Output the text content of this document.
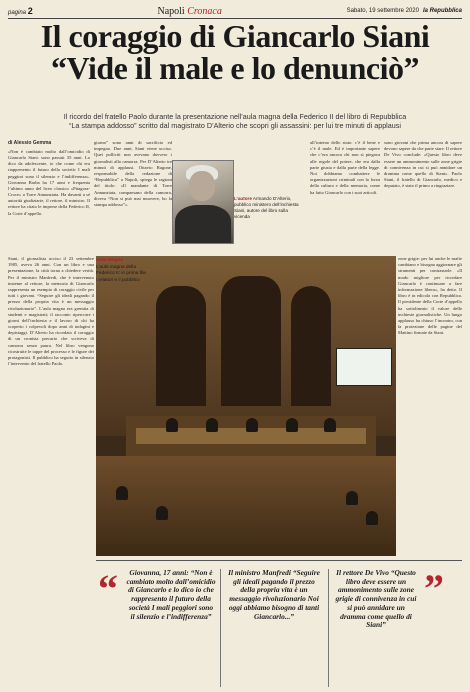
pagina 2	Napoli Cronaca	Sabato, 19 settembre 2020 la Repubblica
Il coraggio di Giancarlo Siani
“Vide il male e lo denunciò”
Il ricordo del fratello Paolo durante la presentazione nell’aula magna della Federico II del libro di Repubblica
“La stampa addosso” scritto dal magistrato D’Alterio che scopri gli assassini: per lui tre minuti di applausi
di Alessio Gemma

«Non è cambiato molto dall’omicidio di Giancarlo Siani. sono passati 35 anni. Lo dico da adolescente, io che come chi era riappresento il futuro della società: I mali peggiori sono il silenzio e l’indifferenza». Giovanna Barba ha 17 anni e frequenta l’ultimo anno del liceo classico «Pitagora-Croce» a Torre Annunziata. Ha davanti a sé autorità giudiziarie, il rettore, il ministro. Il rettore ha citato le imprese della Federico II, la Corte d’appello.

giorno” sono anni di sacrificio ed impegno. Due anni, Siani viene ucciso. Quei polliciti non avevano davvero i giornalisti alla camorra. Per D’Alterio tre minuti di applausi. Ottavio Ragone, responsabile della redazione di “Repubblica” a Napoli, spiega le ragioni del titolo: «Il mandante di Torre Annunziata, compaesano della camorra, diceva “Non si può mai muovere, ho la stampa addosso”».

all’interno dello stato: c’è il bene e c’è il male. Ed è importante sapere che c’era ancora chi non si piegava alle regole del potere, che era dalla parte giusta e dalla parte della legge. Noi dobbiamo combattere le organizzazioni criminali con la forza della cultura e della memoria, come ha fatto Giancarlo con i suoi articoli.

sono giovani che prima ancora di sapere devono sapere da che parte stare. Il rettore De Vivo conclude: «Questo libro deve essere un ammonimento sulle zone grigie di connivenza in cui si può annidare un dramma come quello di Siani». Paolo Siani, il fratello di Giancarlo, medico e deputato, è stato il primo a ringraziare.

L’autore Armando D’Alterio, pubblico ministero dell’inchiesta Siani, autore del libro sulla vicenda

Siani, il giornalista ucciso il 23 settembre 1985, aveva 26 anni. Con un libro e una presentazione, la città torna a chiedere verità. Per il ministro Manfredi, che è intervenuto insieme al rettore, la memoria di Giancarlo rappresenta un esempio di coraggio civile per tutti i giovani. “Seguire gli ideali pagando il prezzo della propria vita è un messaggio rivoluzionario”. L’aula magna era gremita di studenti e magistrati; il racconto ripercorre i giorni dell’inchiesta e il lavoro di chi ha scoperto i colpevoli dopo anni di indagini e depistaggi. D’Alterio ha ricordato il coraggio di un cronista precario che scriveva di camorra senza paura. Nel libro vengono ricostruite le tappe del processo e le figure dei protagonisti. Il pubblico ha seguito in silenzio l’intervento del fratello Paolo.

Aula Magna
L’aula magna della Federico II: in prima fila i relatori e il pubblico

zone grigie: per lui anche le mafie cambiano e bisogna aggiornare gli strumenti per contrastarle. «Il modo migliore per ricordare Giancarlo è continuare a fare informazione libera», ha detto. Il libro è in edicola con Repubblica. Il presidente della Corte d’appello ha sottolineato il valore delle inchieste giornalistiche. Un lungo applauso ha chiuso l’incontro, con la proiezione delle pagine del Mattino firmate da Siani.

“	Giovanna, 17 anni: “Non è cambiato molto dall’omicidio di Giancarlo e lo dico io che rappresento il futuro della società I mali peggiori sono il silenzio e l’indifferenza”
Il ministro Manfredi “Seguire gli ideali pagando il prezzo della propria vita è un messaggio rivoluzionario Noi oggi abbiamo bisogno di tanti Giancarlo...”
Il rettore De Vivo “Questo libro deve essere un ammonimento sulle zone grigie di connivenza in cui si può annidare un dramma come quello di Siani”
”
